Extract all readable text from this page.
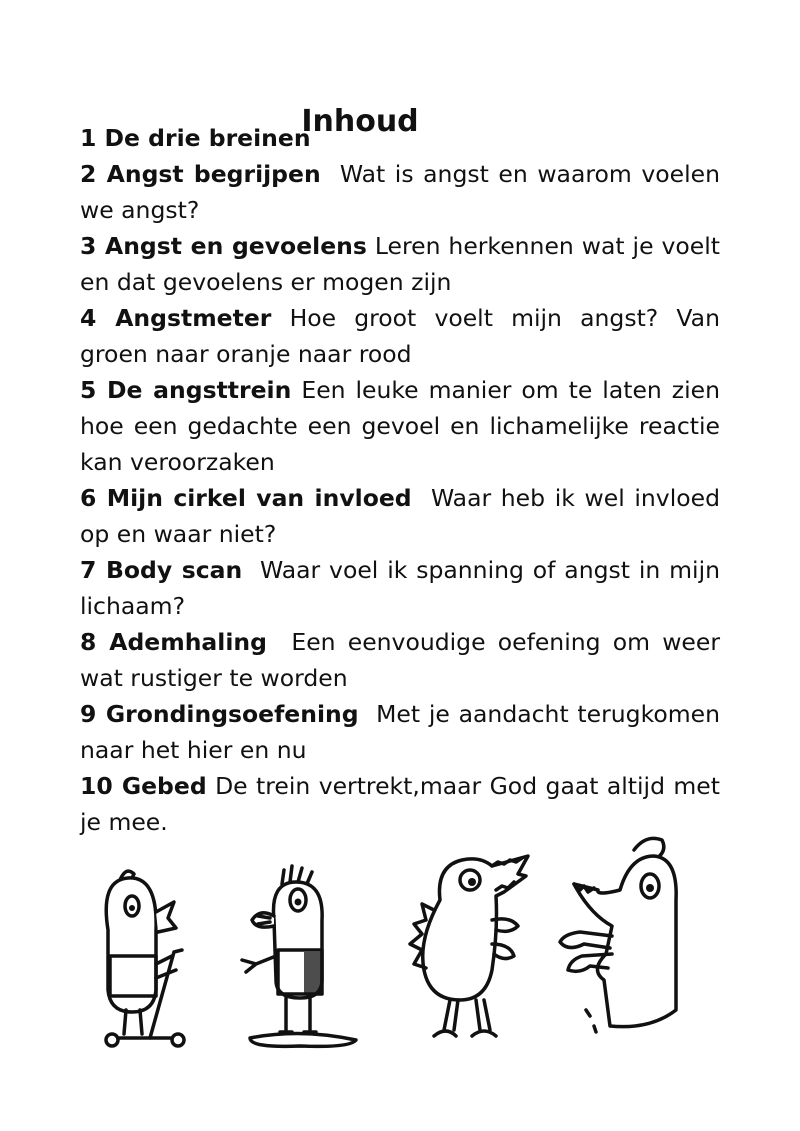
Inhoud
1 De drie breinen
2 Angst begrijpen Wat is angst en waarom voelen we angst?
3 Angst en gevoelens Leren herkennen wat je voelt en dat gevoelens er mogen zijn
4 Angstmeter Hoe groot voelt mijn angst? Van groen naar oranje naar rood
5 De angsttrein Een leuke manier om te laten zien hoe een gedachte een gevoel en lichamelijke reactie kan veroorzaken
6 Mijn cirkel van invloed Waar heb ik wel invloed op en waar niet?
7 Body scan Waar voel ik spanning of angst in mijn lichaam?
8 Ademhaling Een eenvoudige oefening om weer wat rustiger te worden
9 Grondingsoefening Met je aandacht terugkomen naar het hier en nu
10 Gebed De trein vertrekt,maar God gaat altijd met je mee.
